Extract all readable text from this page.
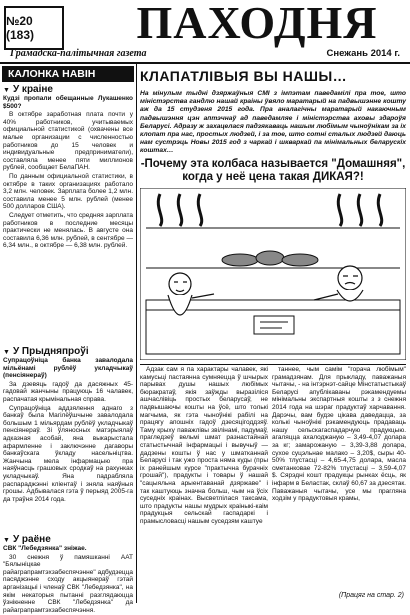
№20 (183)	ПАХОДНЯ
Грамадска-палітычная газета	Снежань 2014 г.
КАЛОНКА НАВІН
▼ У краіне

Кудзі пропали обещанные Лукашенко $500?

В октябре заработная плата почти у 40% работников, учитываемых официальной статистикой (охвачены все малые организации с численностью работников до 15 человек и индивидуальные предприниматели), составляла менее пяти миллионов рублей, сообщает БелаПАН.

По данным официальной статистики, в октябре в таких организациях работало 3,2 млн. человек. Зарплата более 1,2 млн. составила менее 5 млн. рублей (менее 500 долларов США).

Следует отметить, что средняя зарплата работников в последние месяцы практически не менялась. В августе она составила 6,36 млн. рублей, в сентябре — 6,34 млн., в октябре — 6,38 млн. рублей.

▼ У Прыдняпроўі

Супрацоўніца банка завалодала мільёнамі рублёў укладчыкаў (пенсіянераў)

За дзевяць гадоў да дасяжных 45-гадовай жанчыны працуюць 16 чалавек, распачатая крымінальная справа.

Супрацоўніца аддзялення аднаго з банкаў была Магілёўшчыне завалодала большым 1 мільярдам рублёў укладчыкаў пенсіянераў. Зі ўляносных матэрыялаў адказная асобай, яна выкарыстала афармленне і заключэнне дагаворы банкаўскага ўкладу насельніцтва. Жанчына мела інфармацыю пра наяўнасць грашовых сродкаў на рахунках укладчыкаў. Яна падрабляла распараджэнні кліентаў і зняла наяўныя грошы. Адбывалася гэта ў перыяд 2005-га да траўня 2014 года.

▼ У раёне

СВК "Лебедзянка" зніжае.

30 снежня ў памяшканні ААТ "Бялыніцкае райаграпрамтэхзабеспячэнне" адбудзецца пасяджэнне сходу акцыянераў гэтай арганізацыі і членаў СВК "Лебедзянка", на якім некаторыя пытанні разглядаюцца ўзнікненне СВК "Лебедзянка" да райаграпрамтэхзабеспячэння.

КЛАПАТЛІВЫЯ ВЫ НАШЫ…
На мінулым тыдні дзяржаўныя СМІ з імпэтам паведамілі пра тое, што міністэрства гандлю нашай краіны ўвяло маратарый на падвышэнне кошту аж да 15 студзеня 2015 года. Пра аналагічны маратарый накаючным падвышэння цэн аптэчнаў ад паведамляе і міністэрства аховы здароўя Беларусі. Адразу ж захацелася падзякаваць нашым любімым чыноўнікам за іх клопат пра нас, простых людзей, і за тое, што сотні сталых людзей даюць нам сустрэць Новы 2015 год з чаркай і шкваркай па мінімальных беларускіх коштах…
-Почему эта колбаса называется "Домашняя", когда у неё цена такая ДИКАЯ?!

Адзак сам я па характары чалавек, які камусьці пастаянна сумняецца ў шчырых парывах душы нашых любімых бюракратаў, якія заўжды выразіліся ашчаслівіць простых беларусаў, не падвышаючы кошты на ўсё, што толькі магчыма, як гэта чыноўнікі рабілі на працягу апошніх гадоў дзесяцігоддзяў. Таму крыху паважлівы звілінамі, падумаў, прагледзеў вельмі шмат разнастайнай статыстычнай інфармацыі і вывучыў — дадзены кошты ў нас у шматканнай Беларусі і так ужо проста няма куды (пры іх ранейшым курсе "практычна бурачніх грошай"), прадукты і товары ў нашай "сацыяльна арыентаванай дзяржаве" і так каштуюць значна больш, чым на ўсіх суседніх краінах. Высветлілася таксама, што прадукты нашы мудрых краіныкі-каім прадукцыя сельскай гаспадаркі і прамысловасці нашым суседзям каштуе

таннее, чым самім "горача любімым" грамадзянам. Для прыкладу, паважаныя чытачы, - на інтэрнэт-сайце Мінстатыстыкаў Беларусі апублікаваны рэкамендуемы мінімальны экспартныя кошты з з снежня 2014 года на шэраг прадуктаў харчавання. Дарэчы, вам будзе цікава даведацца, за колькі чыноўнікі рэкамендуюць прадаваць нашу сельскагаспадарчую прадукцыю. агаляцца ахалоджаную – 3,49-4,07 долара за кг; замарожаную – 3,39-3,88 долара, сухое суцэльнае малако – 3,20$, сыры 40-50% тлустасці – 4,65-4,75 долара, масла сметанковае 72-82% тлустасці – 3,59-4,07 $. Сярэдні кошт прадукцы рынках ёсць, як інфарм в Беластак, склаў 60,67 за дзесятак. Паважаныя чытачы, усе мы прагляна ходзім у прадуктовыя крамы,

(Працяг на стар. 2)
